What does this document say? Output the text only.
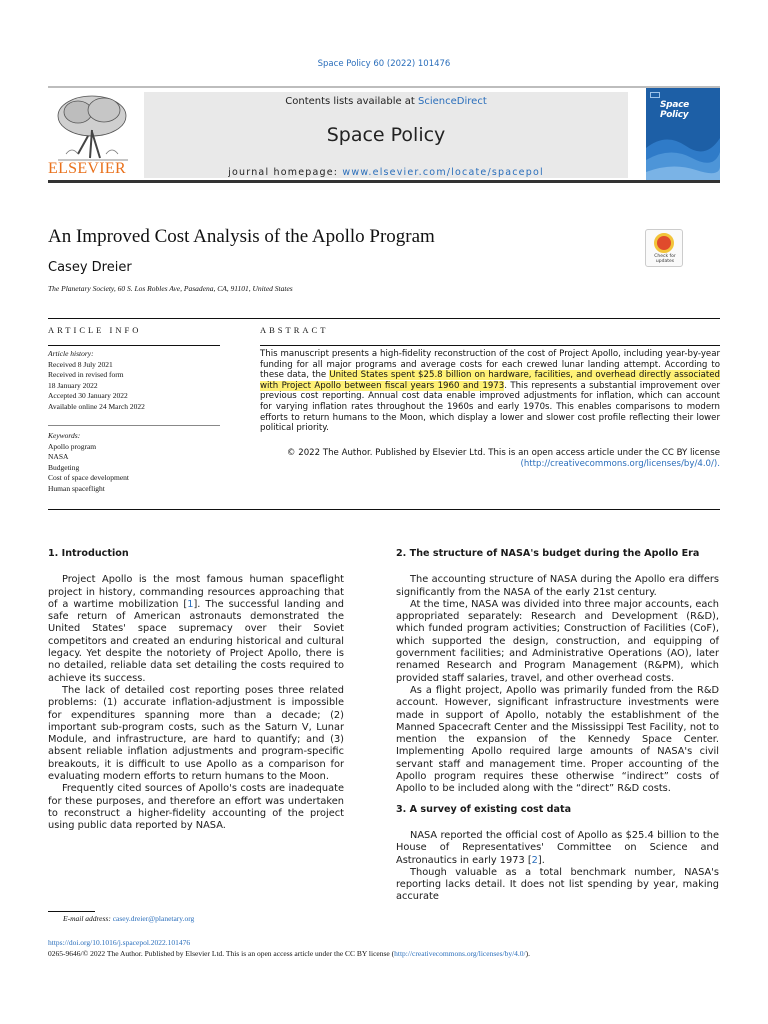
Space Policy 60 (2022) 101476
ELSEVIER
Contents lists available at ScienceDirect
Space Policy
journal homepage: www.elsevier.com/locate/spacepol
Space Policy
An Improved Cost Analysis of the Apollo Program
Casey Dreier
The Planetary Society, 60 S. Los Robles Ave, Pasadena, CA, 91101, United States
Check for updates
ARTICLE INFO	ABSTRACT
Article history:
Received 8 July 2021
Received in revised form
18 January 2022
Accepted 30 January 2022
Available online 24 March 2022
Keywords:
Apollo program
NASA
Budgeting
Cost of space development
Human spaceflight
This manuscript presents a high-fidelity reconstruction of the cost of Project Apollo, including year-by-year funding for all major programs and average costs for each crewed lunar landing attempt. According to these data, the United States spent $25.8 billion on hardware, facilities, and overhead directly associated with Project Apollo between fiscal years 1960 and 1973. This represents a substantial improvement over previous cost reporting. Annual cost data enable improved adjustments for inflation, which can account for varying inflation rates throughout the 1960s and early 1970s. This enables comparisons to modern efforts to return humans to the Moon, which display a lower and slower cost profile reflecting their lower political priority.
© 2022 The Author. Published by Elsevier Ltd. This is an open access article under the CC BY license
(http://creativecommons.org/licenses/by/4.0/).
1. Introduction

Project Apollo is the most famous human spaceflight project in history, commanding resources approaching that of a wartime mobilization [1]. The successful landing and safe return of American astronauts demonstrated the United States' space supremacy over their Soviet competitors and created an enduring historical and cultural legacy. Yet despite the notoriety of Project Apollo, there is no detailed, reliable data set detailing the costs required to achieve its success.

The lack of detailed cost reporting poses three related problems: (1) accurate inflation-adjustment is impossible for expenditures spanning more than a decade; (2) important sub-program costs, such as the Saturn V, Lunar Module, and infrastructure, are hard to quantify; and (3) absent reliable inflation adjustments and program-specific breakouts, it is difficult to use Apollo as a comparison for evaluating modern efforts to return humans to the Moon.

Frequently cited sources of Apollo's costs are inadequate for these purposes, and therefore an effort was undertaken to reconstruct a higher-fidelity accounting of the project using public data reported by NASA.

2. The structure of NASA's budget during the Apollo Era

The accounting structure of NASA during the Apollo era differs significantly from the NASA of the early 21st century.

At the time, NASA was divided into three major accounts, each appropriated separately: Research and Development (R&D), which funded program activities; Construction of Facilities (CoF), which supported the design, construction, and equipping of government facilities; and Administrative Operations (AO), later renamed Research and Program Management (R&PM), which provided staff salaries, travel, and other overhead costs.

As a flight project, Apollo was primarily funded from the R&D account. However, significant infrastructure investments were made in support of Apollo, notably the establishment of the Manned Spacecraft Center and the Mississippi Test Facility, not to mention the expansion of the Kennedy Space Center. Implementing Apollo required large amounts of NASA's civil servant staff and management time. Proper accounting of the Apollo program requires these otherwise “indirect” costs of Apollo to be included along with the “direct” R&D costs.

3. A survey of existing cost data

NASA reported the official cost of Apollo as $25.4 billion to the House of Representatives' Committee on Science and Astronautics in early 1973 [2].

Though valuable as a total benchmark number, NASA's reporting lacks detail. It does not list spending by year, making accurate

E-mail address: casey.dreier@planetary.org
https://doi.org/10.1016/j.spacepol.2022.101476
0265-9646/© 2022 The Author. Published by Elsevier Ltd. This is an open access article under the CC BY license (http://creativecommons.org/licenses/by/4.0/).
